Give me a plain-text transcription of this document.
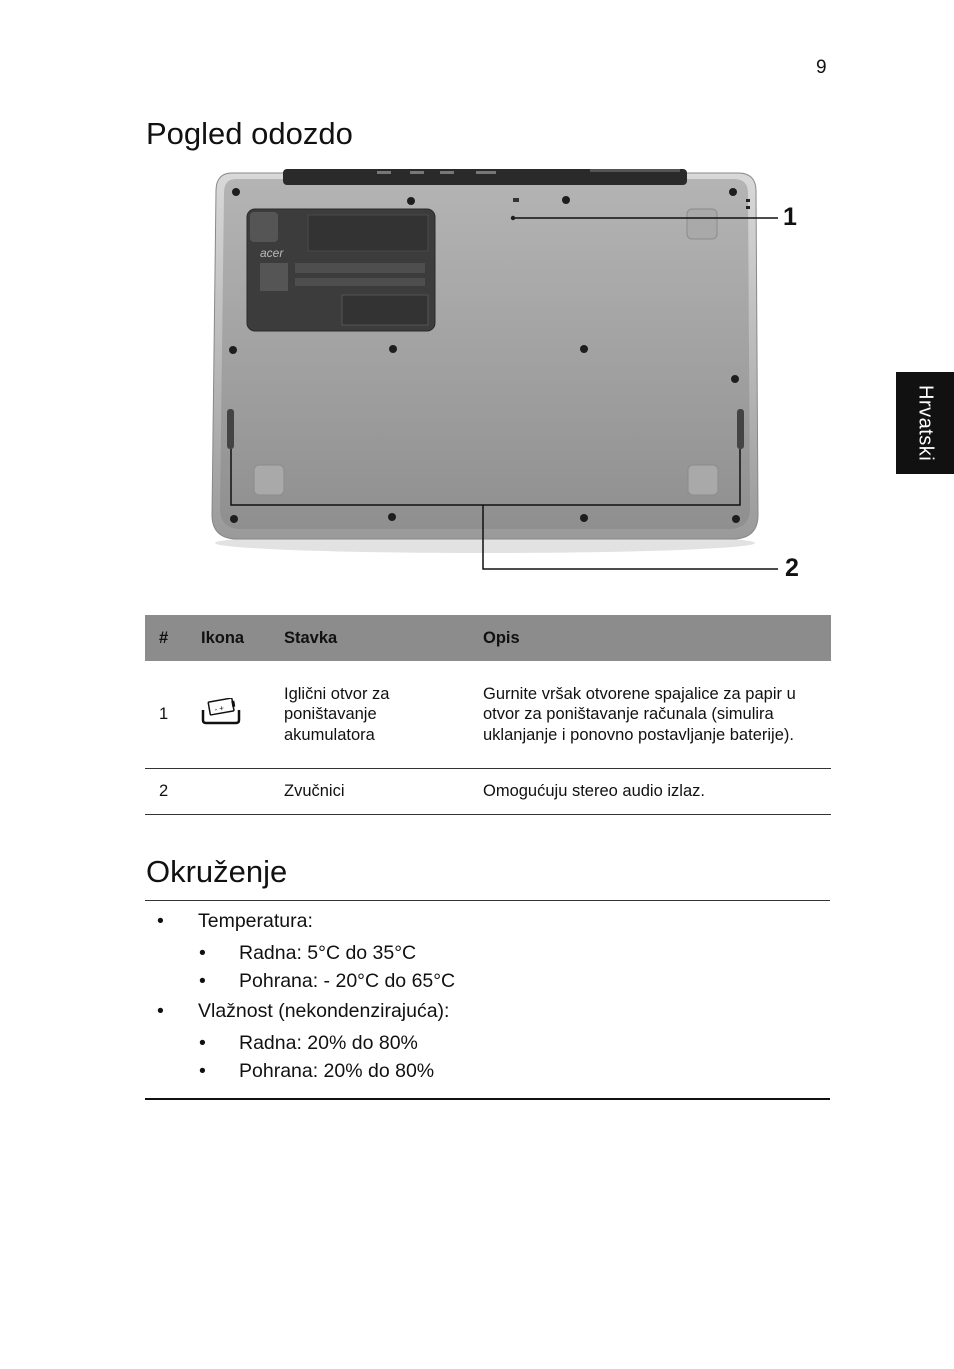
9
Hrvatski
Pogled odozdo
acer
1
2
#	Ikona	Stavka	Opis
1	- +	Iglični otvor za poništavanje akumulatora	Gurnite vršak otvorene spajalice za papir u otvor za poništavanje računala (simulira uklanjanje i ponovno postavljanje baterije).

2		Zvučnici	Omogućuju stereo audio izlaz.
Okruženje
• Temperatura:
• Radna: 5°C do 35°C
• Pohrana: - 20°C do 65°C
• Vlažnost (nekondenzirajuća):
• Radna: 20% do 80%
• Pohrana: 20% do 80%
